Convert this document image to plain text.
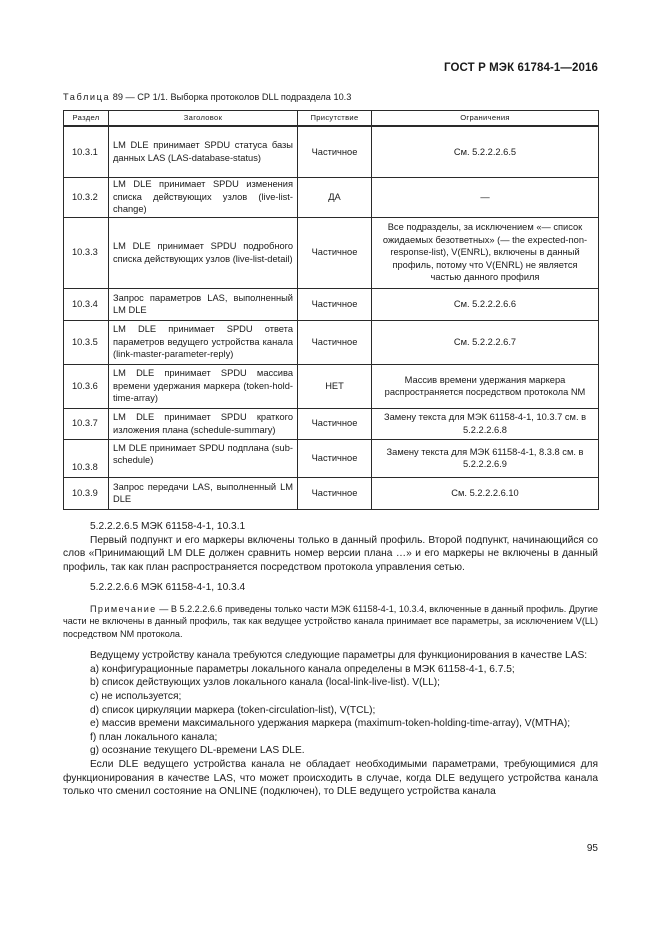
ГОСТ Р МЭК 61784-1—2016
Таблица 89 — СР 1/1. Выборка протоколов DLL подраздела 10.3
Раздел	Заголовок	Присутствие	Ограничения
10.3.1	LM DLE принимает SPDU статуса базы данных LAS (LAS-database-status)	Частичное	См. 5.2.2.2.6.5
10.3.2	LM DLE принимает SPDU изменения списка действующих узлов (live-list-change)	ДА	—
10.3.3	LM DLE принимает SPDU подробного списка действующих узлов (live-list-detail)	Частичное	Все подразделы, за исключением «— список ожидаемых безответных» (— the expected-non-response-list), V(ENRL), включены в данный профиль, потому что V(ENRL) не является частью данного профиля
10.3.4	Запрос параметров LAS, выполненный LM DLE	Частичное	См. 5.2.2.2.6.6
10.3.5	LM DLE принимает SPDU ответа параметров ведущего устройства канала (link-master-parameter-reply)	Частичное	См. 5.2.2.2.6.7
10.3.6	LM DLE принимает SPDU массива времени удержания маркера (token-hold-time-array)	НЕТ	Массив времени удержания маркера распространяется посредством протокола NM
10.3.7	LM DLE принимает SPDU краткого изложения плана (schedule-summary)	Частичное	Замену текста для МЭК 61158-4-1, 10.3.7 см. в 5.2.2.2.6.8
10.3.8	LM DLE принимает SPDU подплана (sub-schedule)	Частичное	Замену текста для МЭК 61158-4-1, 8.3.8 см. в 5.2.2.2.6.9
10.3.9	Запрос передачи LAS, выполненный LM DLE	Частичное	См. 5.2.2.2.6.10

5.2.2.2.6.5 МЭК 61158-4-1, 10.3.1

Первый подпункт и его маркеры включены только в данный профиль. Второй подпункт, начинающийся со слов «Принимающий LM DLE должен сравнить номер версии плана …» и его маркеры не включены в данный профиль, так как план распространяется посредством протокола управления сетью.

5.2.2.2.6.6 МЭК 61158-4-1, 10.3.4

Примечание — В 5.2.2.2.6.6 приведены только части МЭК 61158-4-1, 10.3.4, включенные в данный профиль. Другие части не включены в данный профиль, так как ведущее устройство канала принимает все параметры, за исключением V(LL) посредством NM протокола.

Ведущему устройству канала требуются следующие параметры для функционирования в качестве LAS:

a) конфигурационные параметры локального канала определены в МЭК 61158-4-1, 6.7.5;

b) список действующих узлов локального канала (local-link-live-list). V(LL);

c) не используется;

d) список циркуляции маркера (token-circulation-list), V(TCL);

e) массив времени максимального удержания маркера (maximum-token-holding-time-array), V(MTHA);

f) план локального канала;

g) осознание текущего DL-времени LAS DLE.

Если DLE ведущего устройства канала не обладает необходимыми параметрами, требующимися для функционирования в качестве LAS, что может происходить в случае, когда DLE ведущего устройства канала только что сменил состояние на ONLINE (подключен), то DLE ведущего устройства канала

95
